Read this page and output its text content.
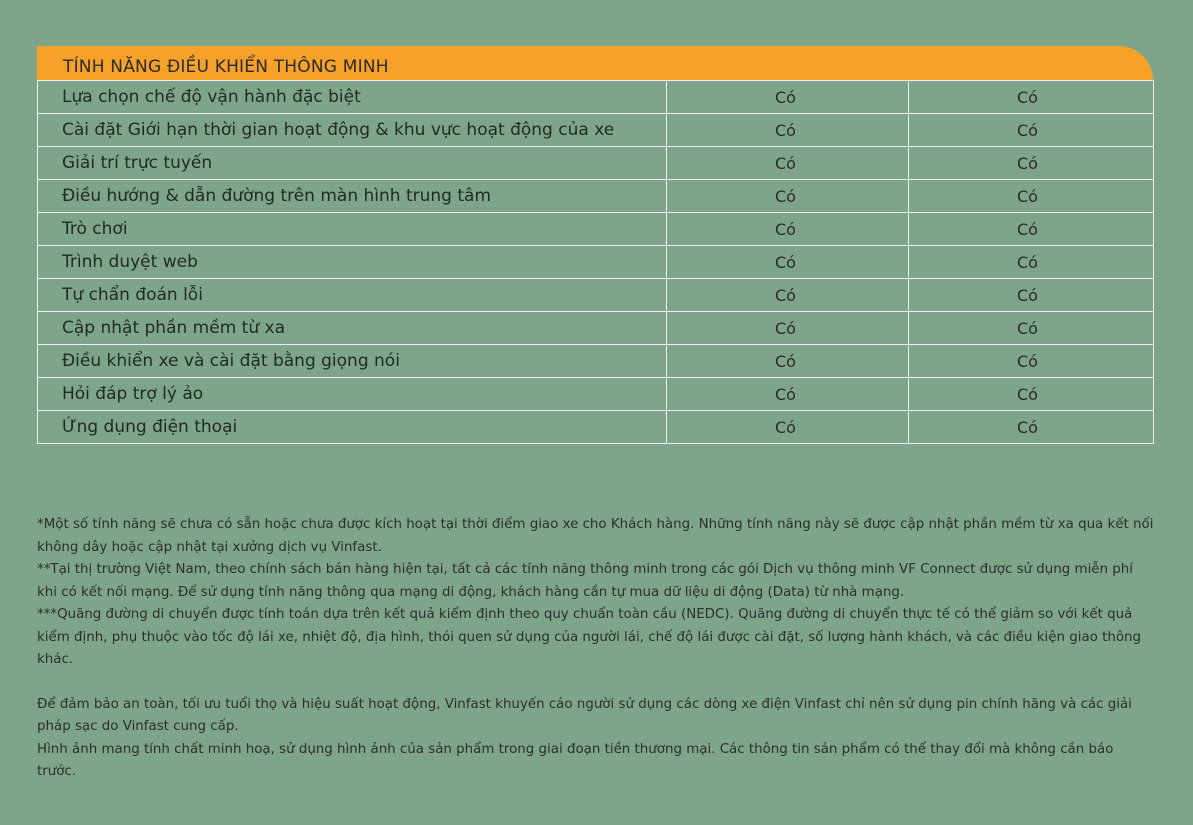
TÍNH NĂNG ĐIỀU KHIỂN THÔNG MINH
Lựa chọn chế độ vận hành đặc biệt	Có	Có
Cài đặt Giới hạn thời gian hoạt động & khu vực hoạt động của xe	Có	Có
Giải trí trực tuyến	Có	Có
Điều hướng & dẫn đường trên màn hình trung tâm	Có	Có
Trò chơi	Có	Có
Trình duyệt web	Có	Có
Tự chẩn đoán lỗi	Có	Có
Cập nhật phần mềm từ xa	Có	Có
Điều khiển xe và cài đặt bằng giọng nói	Có	Có
Hỏi đáp trợ lý ảo	Có	Có
Ứng dụng điện thoại	Có	Có

*Một số tính năng sẽ chưa có sẵn hoặc chưa được kích hoạt tại thời điểm giao xe cho Khách hàng. Những tính năng này sẽ được cập nhật phần mềm từ xa qua kết nối không dây hoặc cập nhật tại xưởng dịch vụ Vinfast.

**Tại thị trường Việt Nam, theo chính sách bán hàng hiện tại, tất cả các tính năng thông minh trong các gói Dịch vụ thông minh VF Connect được sử dụng miễn phí khi có kết nối mạng. Để sử dụng tính năng thông qua mạng di động, khách hàng cần tự mua dữ liệu di động (Data) từ nhà mạng.

***Quãng đường di chuyển được tính toán dựa trên kết quả kiểm định theo quy chuẩn toàn cầu (NEDC). Quãng đường di chuyển thực tế có thể giảm so với kết quả kiểm định, phụ thuộc vào tốc độ lái xe, nhiệt độ, địa hình, thói quen sử dụng của người lái, chế độ lái được cài đặt, số lượng hành khách, và các điều kiện giao thông khác.

Để đảm bảo an toàn, tối ưu tuổi thọ và hiệu suất hoạt động, Vinfast khuyến cáo người sử dụng các dòng xe điện Vinfast chỉ nên sử dụng pin chính hãng và các giải pháp sạc do Vinfast cung cấp.

Hình ảnh mang tính chất minh hoạ, sử dụng hình ảnh của sản phẩm trong giai đoạn tiền thương mại. Các thông tin sản phẩm có thể thay đổi mà không cần báo trước.
